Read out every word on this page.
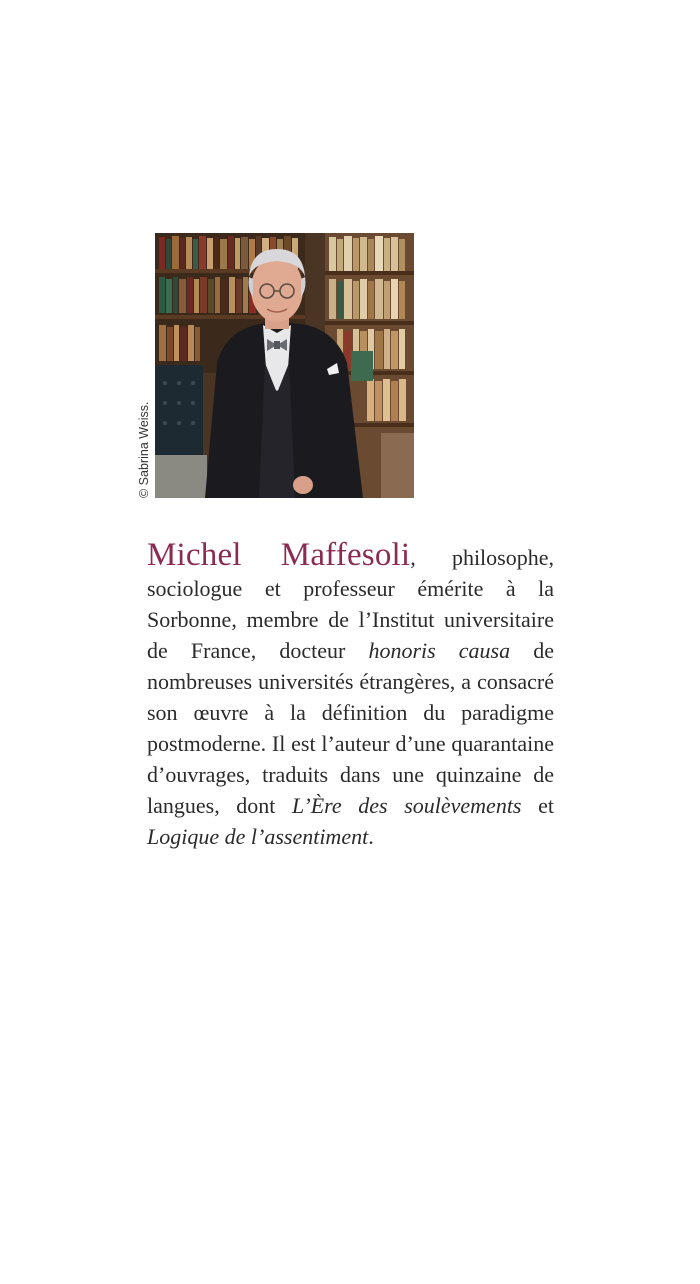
© Sabrina Weiss.

Michel Maffesoli, philosophe, sociologue et professeur émérite à la Sorbonne, membre de l’Institut universitaire de France, docteur honoris causa de nombreuses universités étrangères, a consacré son œuvre à la définition du paradigme postmoderne. Il est l’auteur d’une quarantaine d’ouvrages, traduits dans une quinzaine de langues, dont L’Ère des soulèvements et Logique de l’assentiment.
